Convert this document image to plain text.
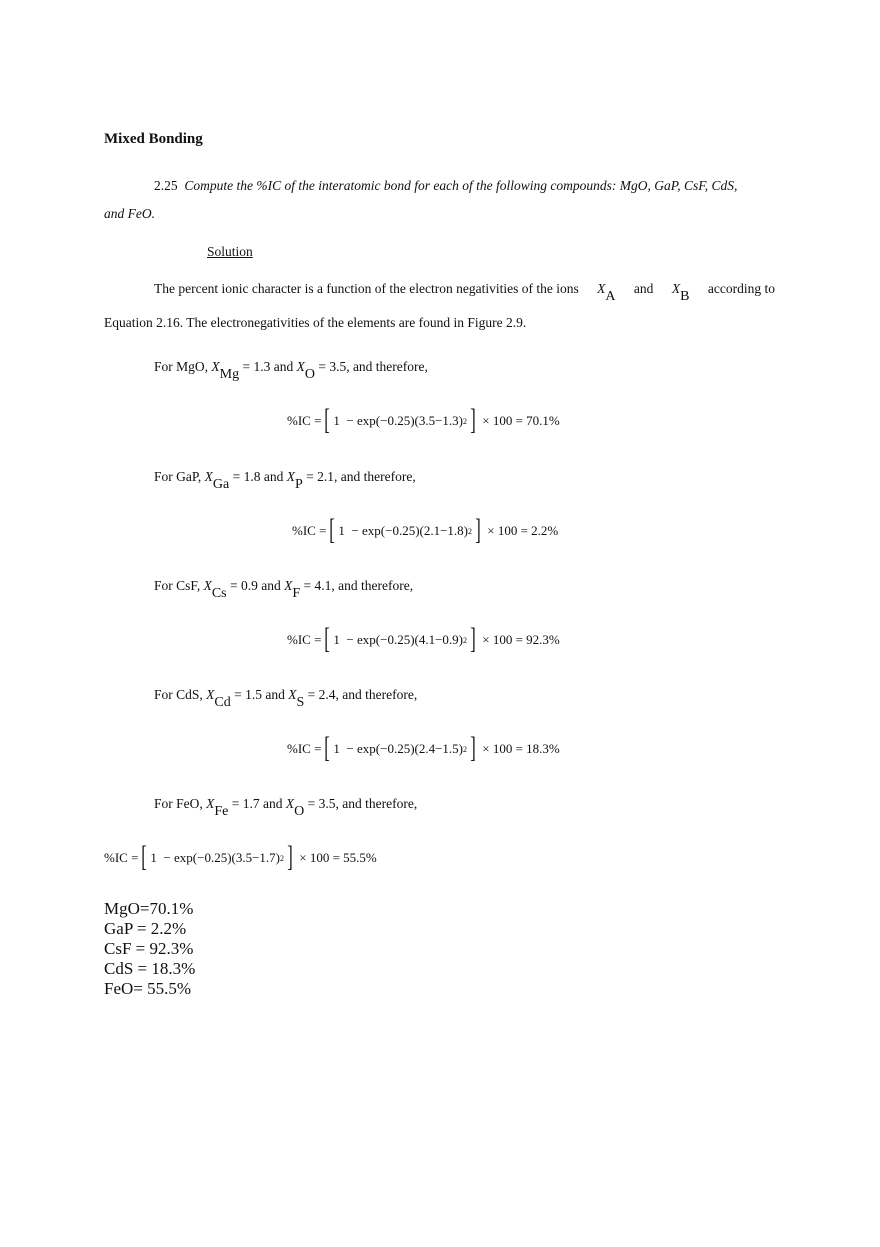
Mixed Bonding
2.25 Compute the %IC of the interatomic bond for each of the following compounds: MgO, GaP, CsF, CdS,
and FeO.
Solution
The percent ionic character is a function of the electron negativities of the ions $X_A$
and $X_B$
according to
Equation 2.16. The electronegativities of the elements are found in Figure 2.9.
For MgO, $X_{Mg} = 1.3$ and $X_O = 3.5$, and therefore,
%IC = [ 1
−
exp(−0.25)(3.5−1.3) 2 ]
× 100 = 70.1%
For GaP, $X_{Ga} = 1.8$ and $X_P = 2.1$, and therefore,
%IC = [ 1
−
exp(−0.25)(2.1−1.8) 2 ]
× 100 = 2.2%
For CsF, $X_{Cs} = 0.9$ and $X_F = 4.1$, and therefore,
%IC = [ 1
−
exp(−0.25)(4.1−0.9) 2 ]
× 100 = 92.3%
For CdS, $X_{Cd} = 1.5$ and $X_S = 2.4$, and therefore,
%IC = [ 1
−
exp(−0.25)(2.4−1.5) 2 ]
× 100 = 18.3%
For FeO, $X_{Fe} = 1.7$ and $X_O = 3.5$, and therefore,
%IC = [ 1
−
exp(−0.25)(3.5−1.7) 2 ]
× 100 = 55.5%
MgO=70.1%
GaP = 2.2%
CsF = 92.3%
CdS = 18.3%
FeO= 55.5%
